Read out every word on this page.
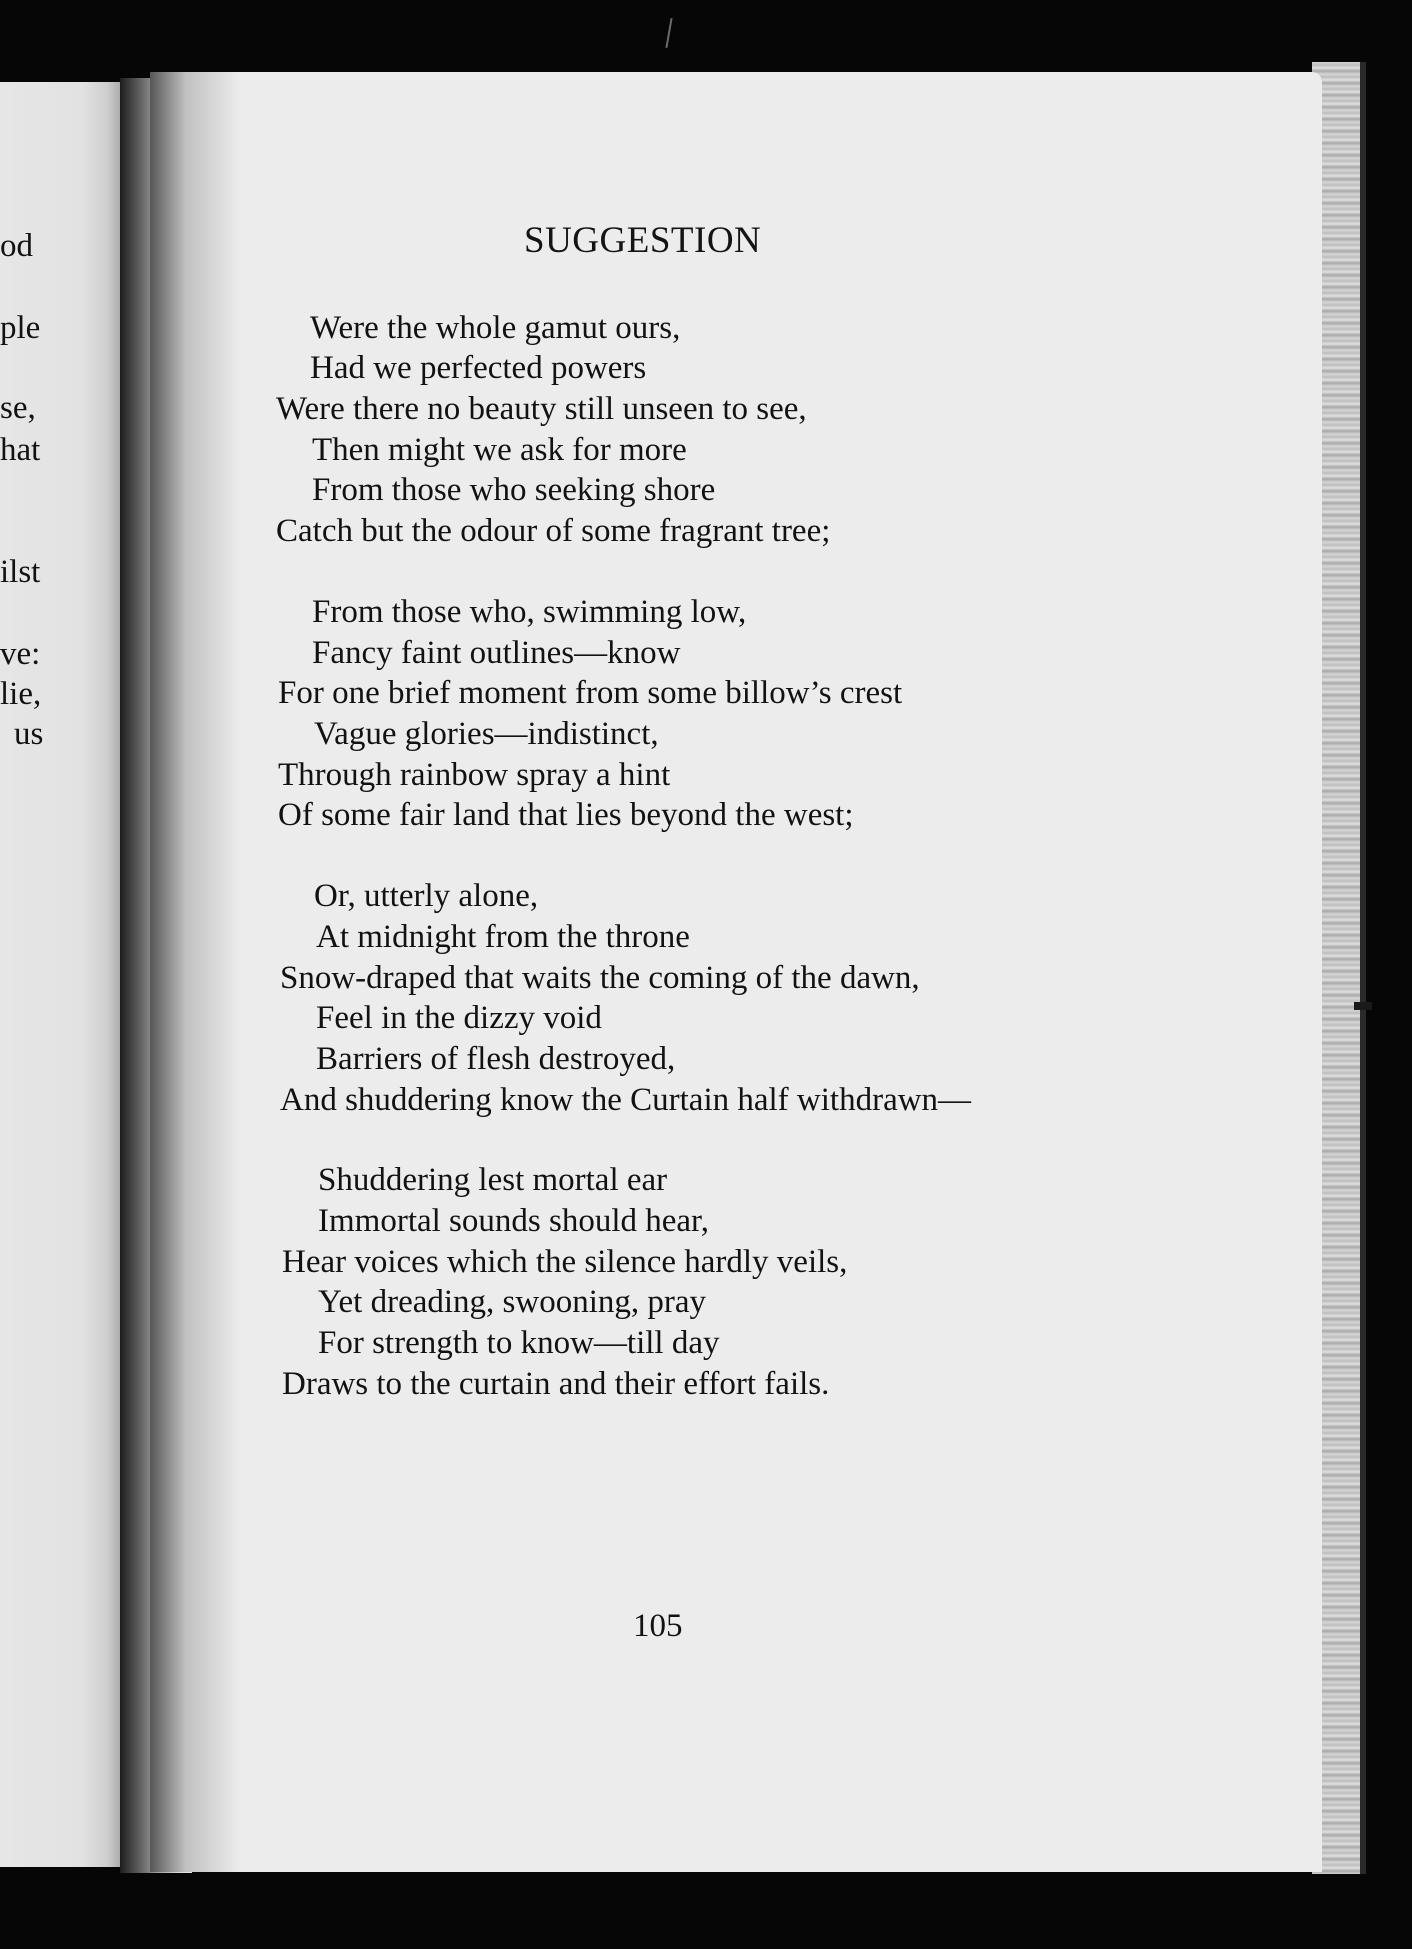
od
ple
se,
hat
ilst
ve:
lie,
us
SUGGESTION
Were the whole gamut ours,
Had we perfected powers
Were there no beauty still unseen to see,
Then might we ask for more
From those who seeking shore
Catch but the odour of some fragrant tree;
From those who, swimming low,
Fancy faint outlines—know
For one brief moment from some billow’s crest
Vague glories—indistinct,
Through rainbow spray a hint
Of some fair land that lies beyond the west;
Or, utterly alone,
At midnight from the throne
Snow-draped that waits the coming of the dawn,
Feel in the dizzy void
Barriers of flesh destroyed,
And shuddering know the Curtain half withdrawn—
Shuddering lest mortal ear
Immortal sounds should hear,
Hear voices which the silence hardly veils,
Yet dreading, swooning, pray
For strength to know—till day
Draws to the curtain and their effort fails.
105
